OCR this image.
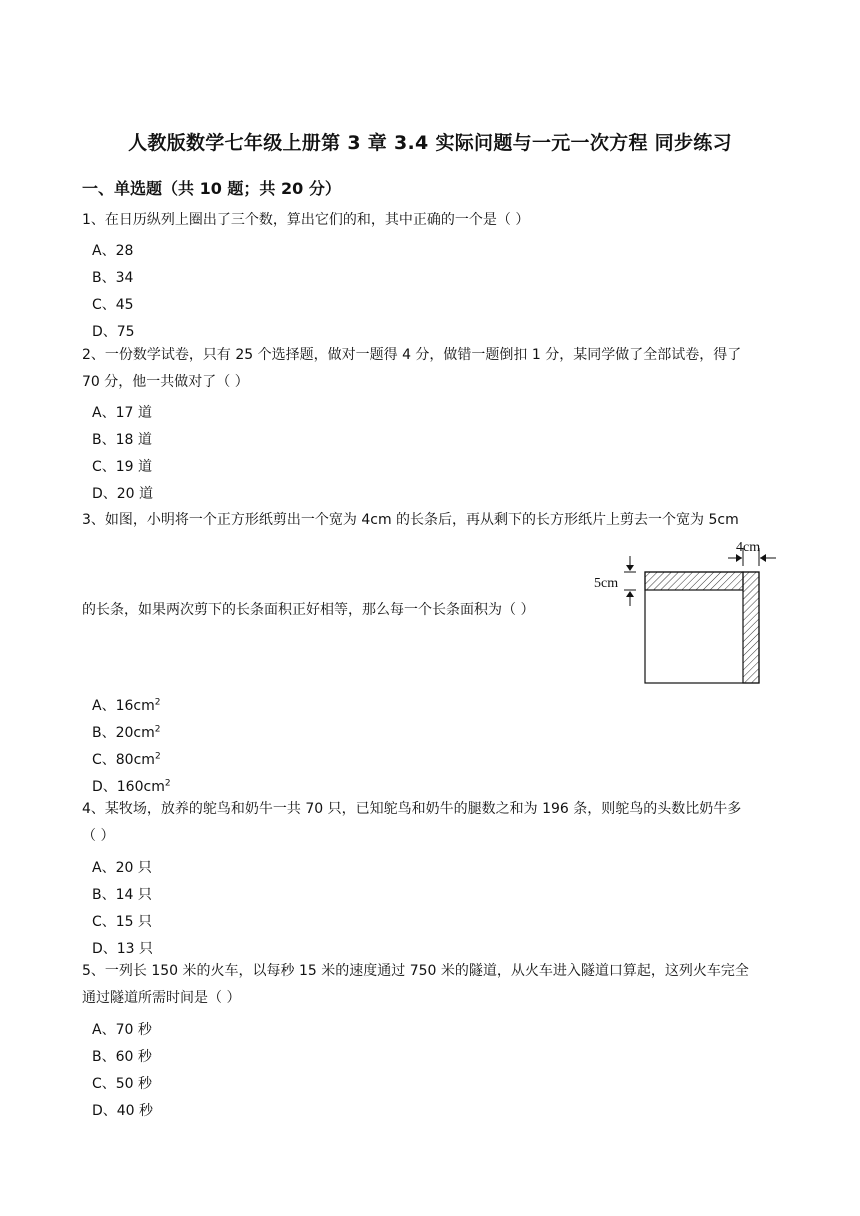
人教版数学七年级上册第 3 章 3.4 实际问题与一元一次方程 同步练习
一、单选题（共 10 题；共 20 分）
1、在日历纵列上圈出了三个数，算出它们的和，其中正确的一个是（ ）
A、28
B、34
C、45
D、75
2、一份数学试卷，只有 25 个选择题，做对一题得 4 分，做错一题倒扣 1 分，某同学做了全部试卷，得了
70 分，他一共做对了（ ）
A、17 道
B、18 道
C、19 道
D、20 道
3、如图，小明将一个正方形纸剪出一个宽为 4cm 的长条后，再从剩下的长方形纸片上剪去一个宽为 5cm
的长条，如果两次剪下的长条面积正好相等，那么每一个长条面积为（ ）
5cm
4cm
A、$16cm^2$
B、$20cm^2$
C、$80cm^2$
D、$160cm^2$
4、某牧场，放养的鸵鸟和奶牛一共 70 只，已知鸵鸟和奶牛的腿数之和为 196 条，则鸵鸟的头数比奶牛多
（ ）
A、20 只
B、14 只
C、15 只
D、13 只
5、一列长 150 米的火车，以每秒 15 米的速度通过 750 米的隧道，从火车进入隧道口算起，这列火车完全
通过隧道所需时间是（ ）
A、70 秒
B、60 秒
C、50 秒
D、40 秒
